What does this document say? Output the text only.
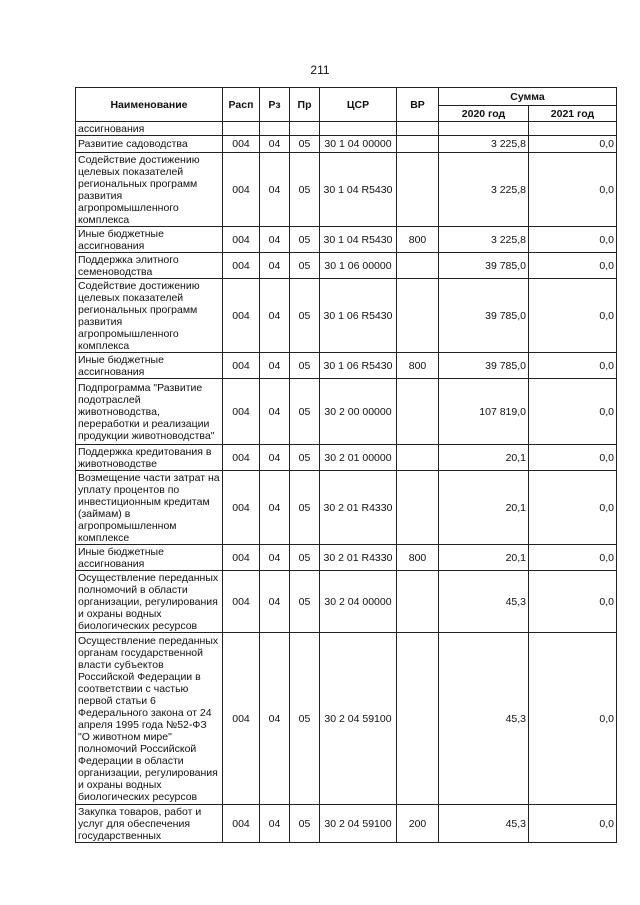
211
Наименование	Расп	Рз	Пр	ЦСР	ВР	Сумма	
						2020 год	2021 год
ассигнования							
Развитие садоводства	004	04	05	30 1 04 00000		3 225,8	0,0
Содействие достижению целевых показателей региональных программ развития агропромышленного комплекса	004	04	05	30 1 04 R5430		3 225,8	0,0
Иные бюджетные ассигнования	004	04	05	30 1 04 R5430	800	3 225,8	0,0
Поддержка элитного семеноводства	004	04	05	30 1 06 00000		39 785,0	0,0
Содействие достижению целевых показателей региональных программ развития агропромышленного комплекса	004	04	05	30 1 06 R5430		39 785,0	0,0
Иные бюджетные ассигнования	004	04	05	30 1 06 R5430	800	39 785,0	0,0
Подпрограмма "Развитие подотраслей животноводства, переработки и реализации продукции животноводства"	004	04	05	30 2 00 00000		107 819,0	0,0
Поддержка кредитования в животноводстве	004	04	05	30 2 01 00000		20,1	0,0
Возмещение части затрат на уплату процентов по инвестиционным кредитам (займам) в агропромышленном комплексе	004	04	05	30 2 01 R4330		20,1	0,0
Иные бюджетные ассигнования	004	04	05	30 2 01 R4330	800	20,1	0,0
Осуществление переданных полномочий в области организации, регулирования и охраны водных биологических ресурсов	004	04	05	30 2 04 00000		45,3	0,0
Осуществление переданных органам государственной власти субъектов Российской Федерации в соответствии с частью первой статьи 6 Федерального закона от 24 апреля 1995 года №52-ФЗ "О животном мире" полномочий Российской Федерации в области организации, регулирования и охраны водных биологических ресурсов	004	04	05	30 2 04 59100		45,3	0,0
Закупка товаров, работ и услуг для обеспечения государственных	004	04	05	30 2 04 59100	200	45,3	0,0
